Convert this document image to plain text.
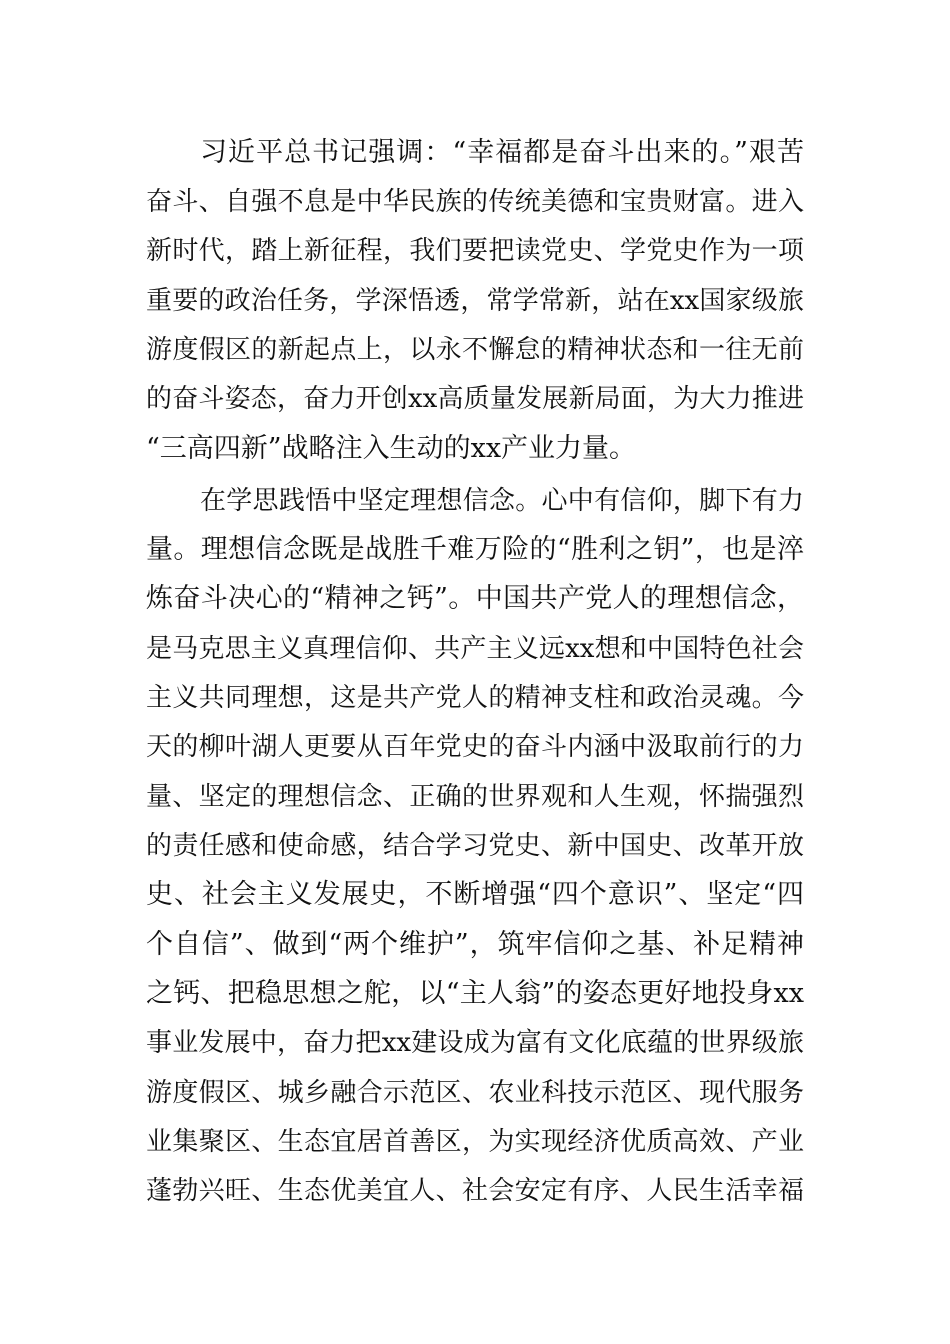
习近平总书记强调：“幸福都是奋斗出来的。”艰苦
奋斗、自强不息是中华民族的传统美德和宝贵财富。进入
新时代，踏上新征程，我们要把读党史、学党史作为一项
重要的政治任务，学深悟透，常学常新，站在xx国家级旅
游度假区的新起点上，以永不懈怠的精神状态和一往无前
的奋斗姿态，奋力开创xx高质量发展新局面，为大力推进
“三高四新”战略注入生动的xx产业力量。
在学思践悟中坚定理想信念。心中有信仰，脚下有力
量。理想信念既是战胜千难万险的“胜利之钥”，也是淬
炼奋斗决心的“精神之钙”。中国共产党人的理想信念，
是马克思主义真理信仰、共产主义远xx想和中国特色社会
主义共同理想，这是共产党人的精神支柱和政治灵魂。今
天的柳叶湖人更要从百年党史的奋斗内涵中汲取前行的力
量、坚定的理想信念、正确的世界观和人生观，怀揣强烈
的责任感和使命感，结合学习党史、新中国史、改革开放
史、社会主义发展史，不断增强“四个意识”、坚定“四
个自信”、做到“两个维护”，筑牢信仰之基、补足精神
之钙、把稳思想之舵，以“主人翁”的姿态更好地投身xx
事业发展中，奋力把xx建设成为富有文化底蕴的世界级旅
游度假区、城乡融合示范区、农业科技示范区、现代服务
业集聚区、生态宜居首善区，为实现经济优质高效、产业
蓬勃兴旺、生态优美宜人、社会安定有序、人民生活幸福
